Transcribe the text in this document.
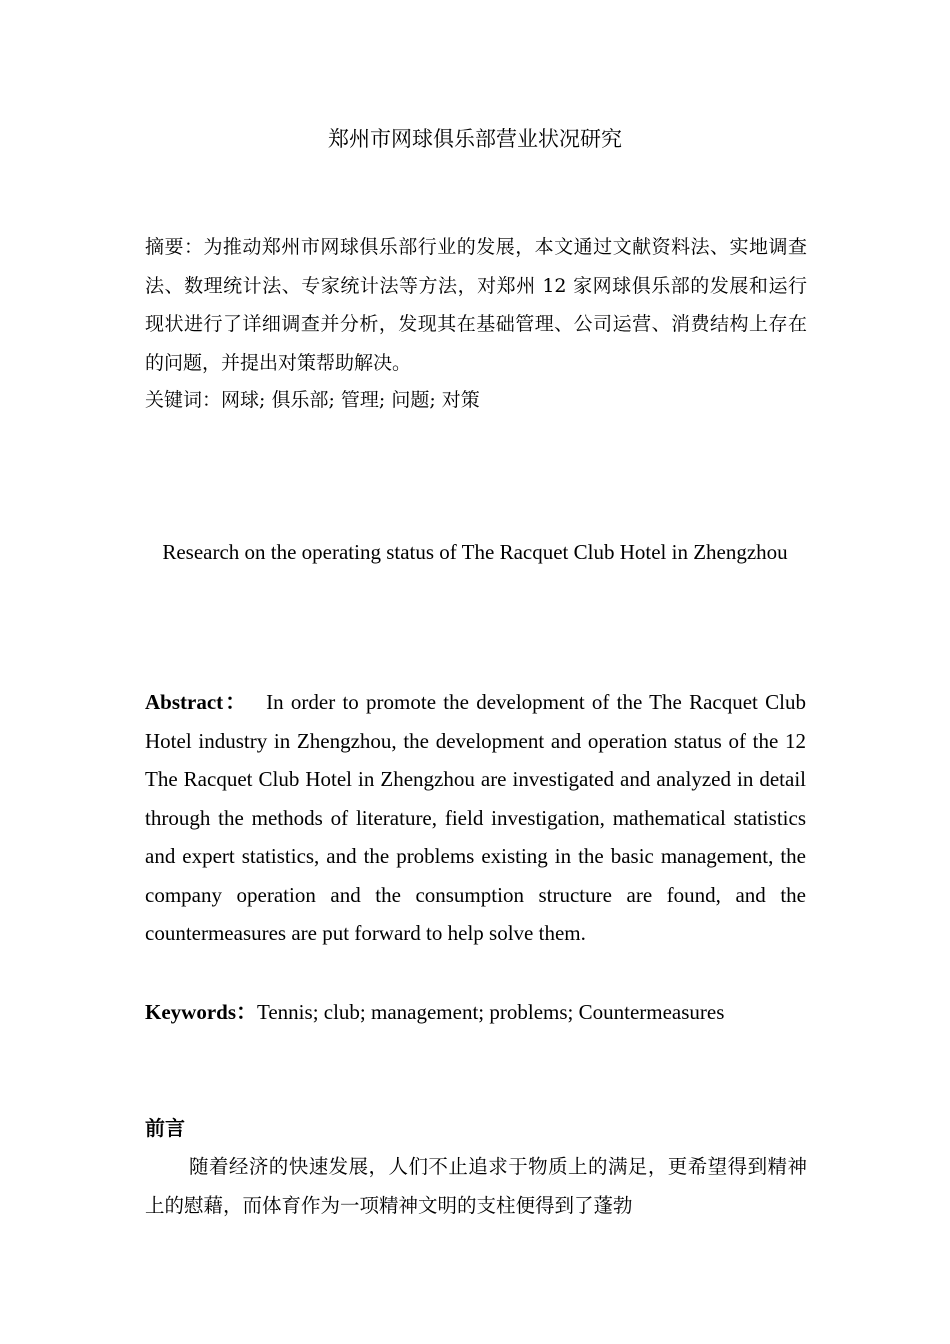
郑州市网球俱乐部营业状况研究
摘要：为推动郑州市网球俱乐部行业的发展，本文通过文献资料法、实地调查法、数理统计法、专家统计法等方法，对郑州 12 家网球俱乐部的发展和运行现状进行了详细调查并分析，发现其在基础管理、公司运营、消费结构上存在的问题，并提出对策帮助解决。
关键词：网球; 俱乐部; 管理; 问题; 对策
Research on the operating status of The Racquet Club Hotel in Zhengzhou
Abstract： In order to promote the development of the The Racquet Club Hotel industry in Zhengzhou, the development and operation status of the 12 The Racquet Club Hotel in Zhengzhou are investigated and analyzed in detail through the methods of literature, field investigation, mathematical statistics and expert statistics, and the problems existing in the basic management, the company operation and the consumption structure are found, and the countermeasures are put forward to help solve them.
Keywords：Tennis; club; management; problems; Countermeasures
前言
随着经济的快速发展，人们不止追求于物质上的满足，更希望得到精神上的慰藉，而体育作为一项精神文明的支柱便得到了蓬勃
